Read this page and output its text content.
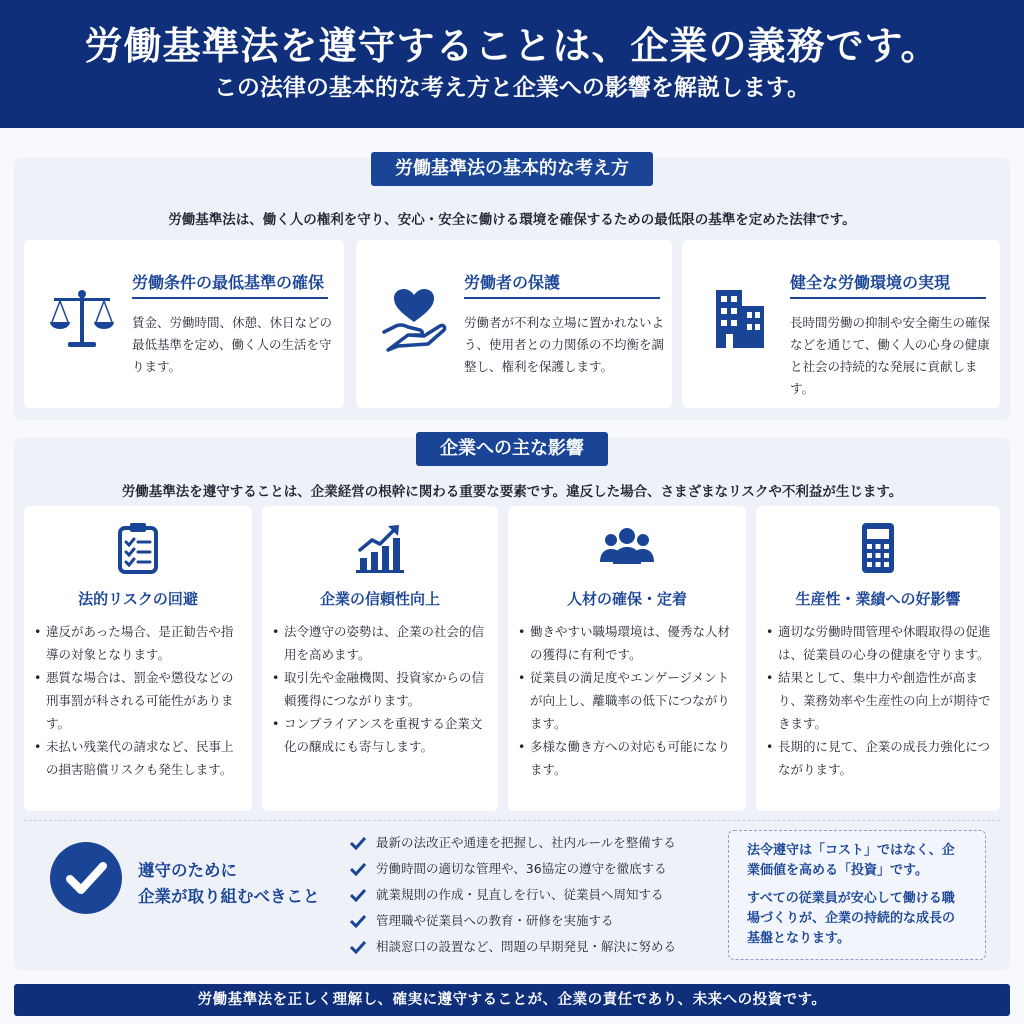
労働基準法を遵守することは、企業の義務です。
この法律の基本的な考え方と企業への影響を解説します。
労働基準法の基本的な考え方
労働基準法は、働く人の権利を守り、安心・安全に働ける環境を確保するための最低限の基準を定めた法律です。
労働条件の最低基準の確保

賃金、労働時間、休憩、休日などの最低基準を定め、働く人の生活を守ります。

労働者の保護

労働者が不利な立場に置かれないよう、使用者との力関係の不均衡を調整し、権利を保護します。

健全な労働環境の実現

長時間労働の抑制や安全衛生の確保などを通じて、働く人の心身の健康と社会の持続的な発展に貢献します。

企業への主な影響
労働基準法を遵守することは、企業経営の根幹に関わる重要な要素です。違反した場合、さまざまなリスクや不利益が生じます。
法的リスクの回避
• 違反があった場合、是正勧告や指導の対象となります。
• 悪質な場合は、罰金や懲役などの刑事罰が科される可能性があります。
• 未払い残業代の請求など、民事上の損害賠償リスクも発生します。
企業の信頼性向上
• 法令遵守の姿勢は、企業の社会的信用を高めます。
• 取引先や金融機関、投資家からの信頼獲得につながります。
• コンプライアンスを重視する企業文化の醸成にも寄与します。
人材の確保・定着
• 働きやすい職場環境は、優秀な人材の獲得に有利です。
• 従業員の満足度やエンゲージメントが向上し、離職率の低下につながります。
• 多様な働き方への対応も可能になります。
生産性・業績への好影響
• 適切な労働時間管理や休暇取得の促進は、従業員の心身の健康を守ります。
• 結果として、集中力や創造性が高まり、業務効率や生産性の向上が期待できます。
• 長期的に見て、企業の成長力強化につながります。
遵守のために
企業が取り組むべきこと
最新の法改正や通達を把握し、社内ルールを整備する
労働時間の適切な管理や、36協定の遵守を徹底する
就業規則の作成・見直しを行い、従業員へ周知する
管理職や従業員への教育・研修を実施する
相談窓口の設置など、問題の早期発見・解決に努める

法令遵守は「コスト」ではなく、企業価値を高める「投資」です。

すべての従業員が安心して働ける職場づくりが、企業の持続的な成長の基盤となります。

労働基準法を正しく理解し、確実に遵守することが、企業の責任であり、未来への投資です。
